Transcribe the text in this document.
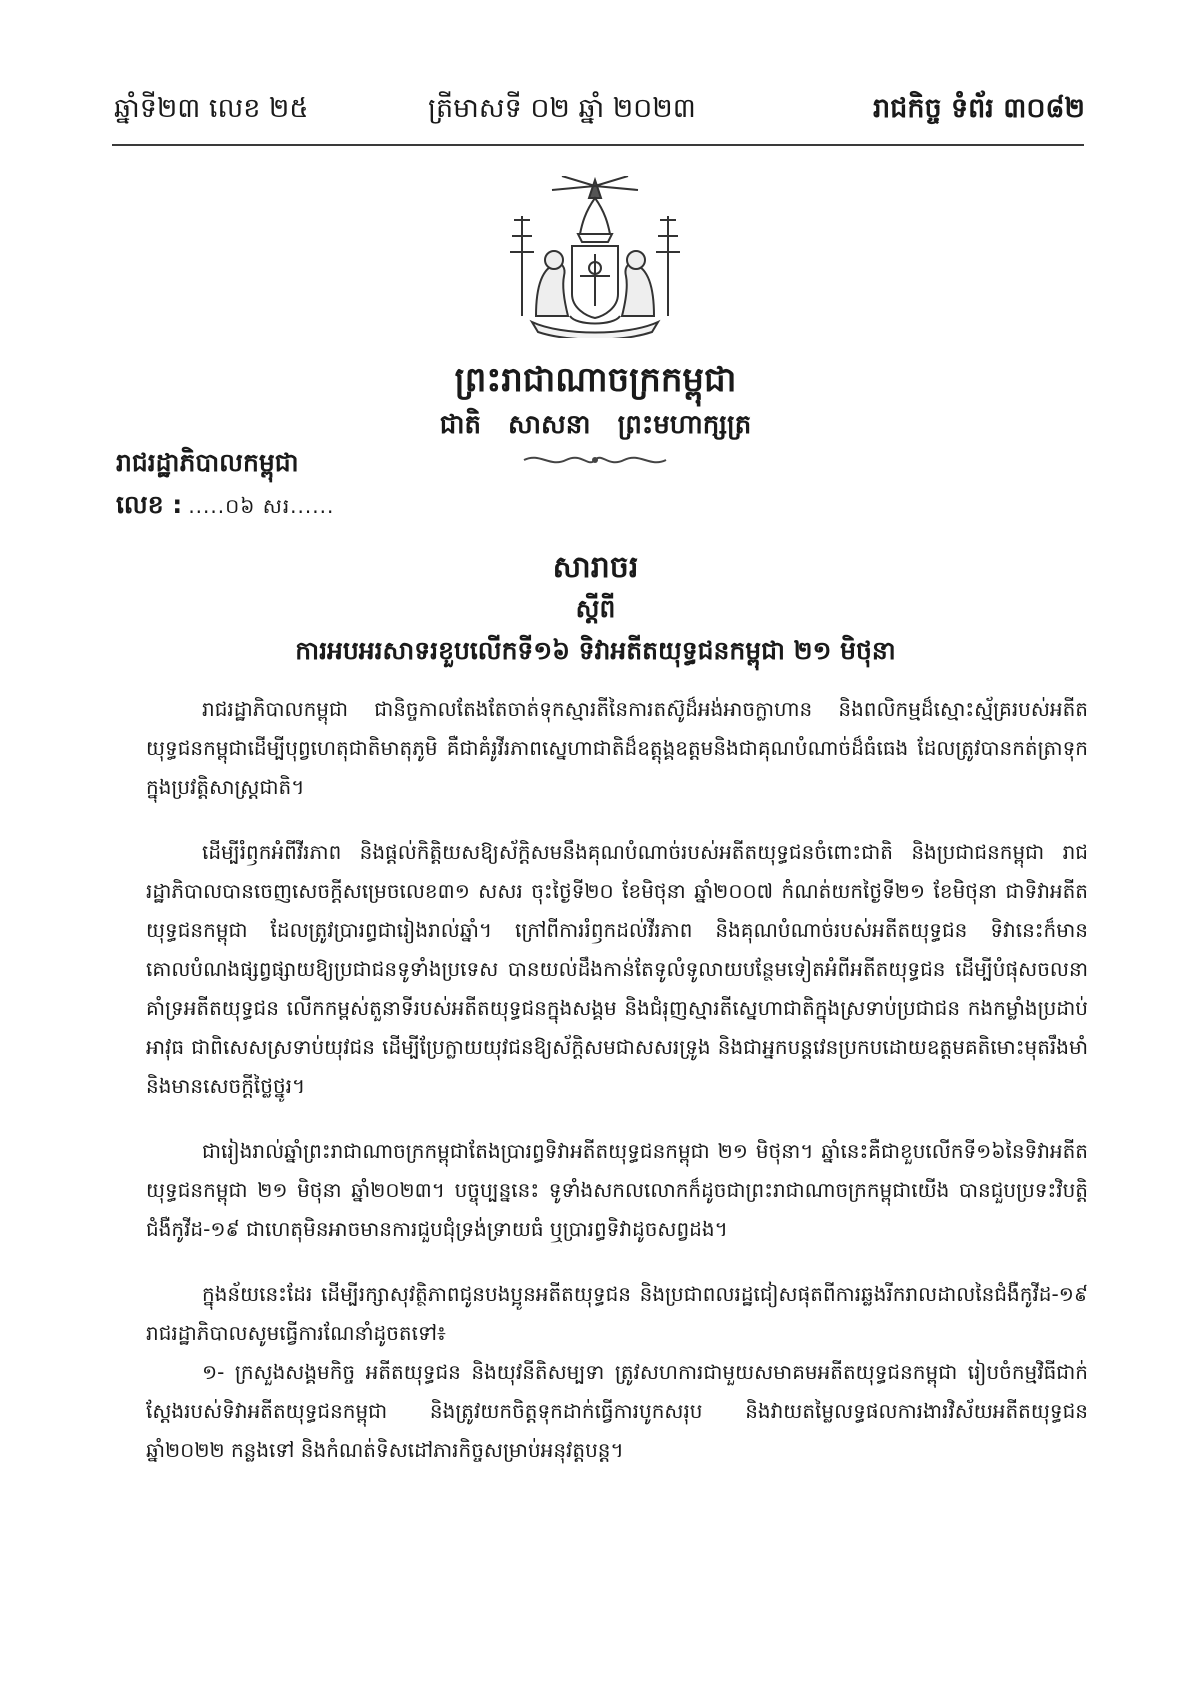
ឆ្នាំទី២៣ លេខ ២៥	ត្រីមាសទី ០២ ឆ្នាំ ២០២៣	រាជកិច្ច ទំព័រ ៣០៨២
ព្រះរាជាណាចក្រកម្ពុជា
ជាតិ សាសនា ព្រះមហាក្សត្រ
រាជរដ្ឋាភិបាលកម្ពុជា
លេខ : .....០៦ សរ......
សារាចរ
ស្តីពី
ការអបអរសាទរខួបលើកទី១៦ ទិវាអតីតយុទ្ធជនកម្ពុជា ២១ មិថុនា

រាជរដ្ឋាភិបាលកម្ពុជា ជានិច្ចកាលតែងតែចាត់ទុកស្មារតីនៃការតស៊ូដ៏អង់អាចក្លាហាន និងពលិកម្មដ៏ស្មោះស្ម័គ្ររបស់អតីតយុទ្ធជនកម្ពុជាដើម្បីបុព្វហេតុជាតិមាតុភូមិ គឺជាគំរូវីរភាពស្នេហាជាតិដ៏ឧត្តុង្គឧត្តមនិងជាគុណបំណាច់ដ៏ធំធេង ដែលត្រូវបានកត់ត្រាទុកក្នុងប្រវត្តិសាស្ត្រជាតិ។

ដើម្បីរំឭកអំពីវីរភាព និងផ្តល់កិត្តិយសឱ្យស័ក្តិសមនឹងគុណបំណាច់របស់អតីតយុទ្ធជនចំពោះជាតិ និងប្រជាជនកម្ពុជា រាជរដ្ឋាភិបាលបានចេញសេចក្តីសម្រេចលេខ៣១ សសរ ចុះថ្ងៃទី២០ ខែមិថុនា ឆ្នាំ២០០៧ កំណត់យកថ្ងៃទី២១ ខែមិថុនា ជាទិវាអតីតយុទ្ធជនកម្ពុជា ដែលត្រូវប្រារព្ធជារៀងរាល់ឆ្នាំ។ ក្រៅពីការរំឭកដល់វីរភាព និងគុណបំណាច់របស់អតីតយុទ្ធជន ទិវានេះក៏មានគោលបំណងផ្សព្វផ្សាយឱ្យប្រជាជនទូទាំងប្រទេស បានយល់ដឹងកាន់តែទូលំទូលាយបន្ថែមទៀតអំពីអតីតយុទ្ធជន ដើម្បីបំផុសចលនាគាំទ្រអតីតយុទ្ធជន លើកកម្ពស់តួនាទីរបស់អតីតយុទ្ធជនក្នុងសង្គម និងជំរុញស្មារតីស្នេហាជាតិក្នុងស្រទាប់ប្រជាជន កងកម្លាំងប្រដាប់អាវុធ ជាពិសេសស្រទាប់យុវជន ដើម្បីប្រែក្លាយយុវជនឱ្យស័ក្តិសមជាសសរទ្រូង និងជាអ្នកបន្តវេនប្រកបដោយឧត្តមគតិមោះមុតរឹងមាំ និងមានសេចក្តីថ្លៃថ្នូរ។

ជារៀងរាល់ឆ្នាំព្រះរាជាណាចក្រកម្ពុជាតែងប្រារព្ធទិវាអតីតយុទ្ធជនកម្ពុជា ២១ មិថុនា។ ឆ្នាំនេះគឺជាខួបលើកទី១៦នៃទិវាអតីតយុទ្ធជនកម្ពុជា ២១ មិថុនា ឆ្នាំ២០២៣។ បច្ចុប្បន្ននេះ ទូទាំងសកលលោកក៏ដូចជាព្រះរាជាណាចក្រកម្ពុជាយើង បានជួបប្រទះវិបត្តិជំងឺកូវីដ-១៩ ជាហេតុមិនអាចមានការជួបជុំទ្រង់ទ្រាយធំ ឬប្រារព្ធទិវាដូចសព្វដង។

ក្នុងន័យនេះដែរ ដើម្បីរក្សាសុវត្ថិភាពជូនបងប្អូនអតីតយុទ្ធជន និងប្រជាពលរដ្ឋជៀសផុតពីការឆ្លងរីករាលដាលនៃជំងឺកូវីដ-១៩ រាជរដ្ឋាភិបាលសូមធ្វើការណែនាំដូចតទៅ៖

១- ក្រសួងសង្គមកិច្ច អតីតយុទ្ធជន និងយុវនីតិសម្បទា ត្រូវសហការជាមួយសមាគមអតីតយុទ្ធជនកម្ពុជា រៀបចំកម្មវិធីជាក់ស្តែងរបស់ទិវាអតីតយុទ្ធជនកម្ពុជា និងត្រូវយកចិត្តទុកដាក់ធ្វើការបូកសរុប និងវាយតម្លៃលទ្ធផលការងារវិស័យអតីតយុទ្ធជនឆ្នាំ២០២២ កន្លងទៅ និងកំណត់ទិសដៅភារកិច្ចសម្រាប់អនុវត្តបន្ត។
